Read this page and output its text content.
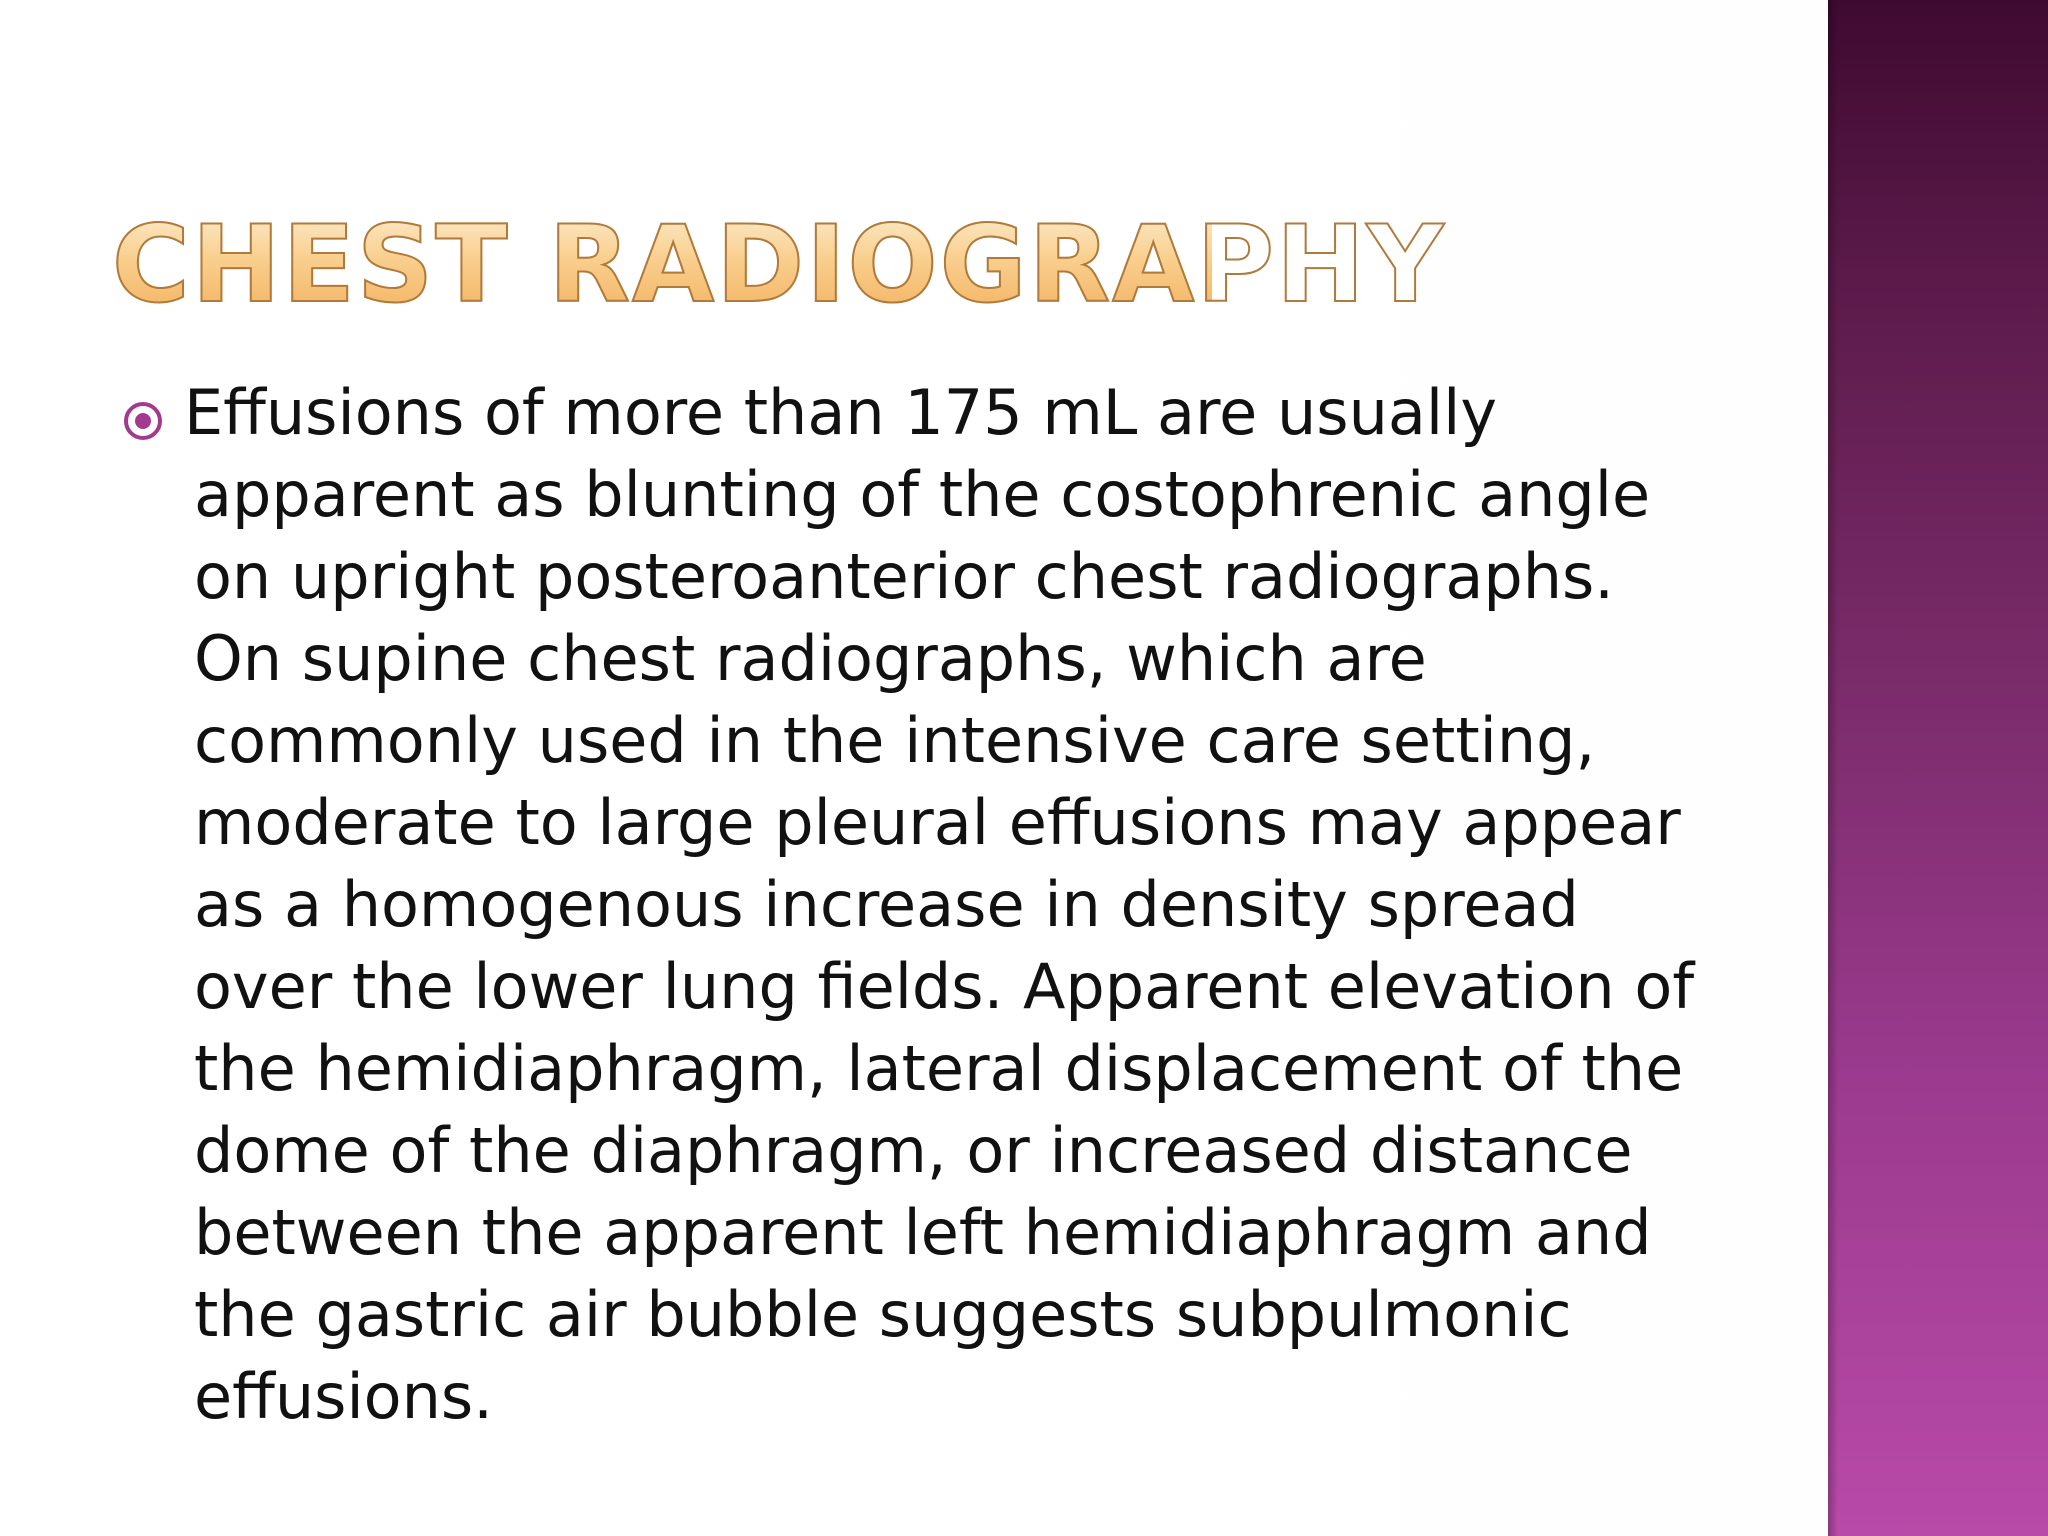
CHEST RADIOGRAPHY

Effusions of more than 175 mL are usually apparent as blunting of the costophrenic angle on upright posteroanterior chest radiographs. On supine chest radiographs, which are commonly used in the intensive care setting, moderate to large pleural effusions may appear as a homogenous increase in density spread over the lower lung fields. Apparent elevation of the hemidiaphragm, lateral displacement of the dome of the diaphragm, or increased distance between the apparent left hemidiaphragm and the gastric air bubble suggests subpulmonic effusions.
